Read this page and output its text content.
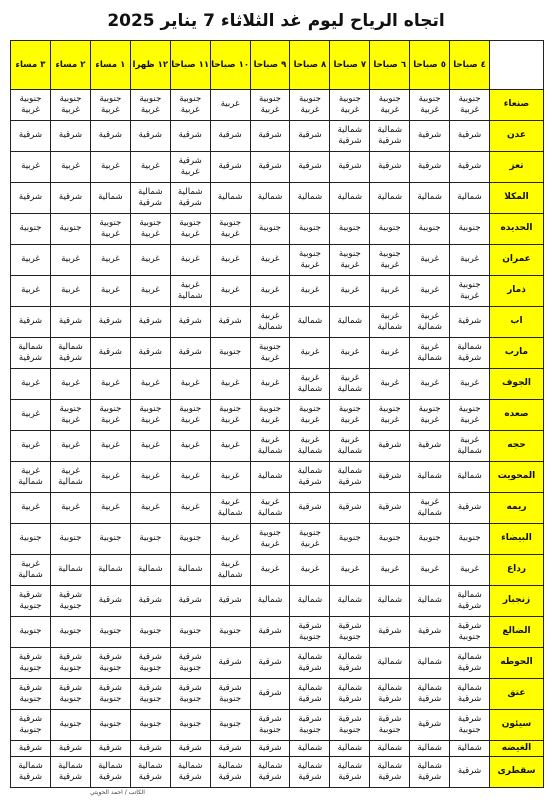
اتجاه الرياح ليوم غد الثلاثاء 7 يناير 2025
	٤ صباحا	٥ صباحا	٦ صباحا	٧ صباحا	٨ صباحا	٩ صباحا	١٠ صباحا	١١ صباحا	١٢ ظهرا	١ مساء	٢ مساء	٣ مساء
صنعاء	جنوبية غربية	جنوبية غربية	جنوبية غربية	جنوبية غربية	جنوبية غربية	جنوبية غربية	غربية	جنوبية غربية	جنوبية غربية	جنوبية غربية	جنوبية غربية	جنوبية غربية
عدن	شرقية	شرقية	شمالية شرقية	شمالية شرقية	شرقية	شرقية	شرقية	شرقية	شرقية	شرقية	شرقية	شرقية
تعز	شرقية	شرقية	شرقية	شرقية	شرقية	شرقية	شرقية	شرقية غربية	غربية	غربية	غربية	غربية
المكلا	شمالية	شمالية	شمالية	شمالية	شمالية	شمالية	شمالية	شمالية شرقية	شمالية شرقية	شمالية	شرقية	شرقية
الحديده	جنوبية	جنوبية	جنوبية	جنوبية	جنوبية	جنوبية	جنوبية غربية	جنوبية غربية	جنوبية غربية	جنوبية غربية	جنوبية	جنوبية
عمران	غربية	غربية	جنوبية غربية	جنوبية غربية	جنوبية غربية	غربية	غربية	غربية	غربية	غربية	غربية	غربية
ذمار	جنوبية غربية	غربية	غربية	غربية	غربية	غربية	غربية	غربية شمالية	غربية	غربية	غربية	غربية
اب	شرقية	غربية شمالية	غربية شمالية	شمالية	شمالية	غربية شمالية	شرقية	شرقية	شرقية	شرقية	شرقية	شرقية
مارب	شمالية شرقية	غربية شمالية	غربية	غربية	غربية	جنوبية غربية	جنوبية	شرقية	شرقية	شرقية	شمالية شرقية	شمالية شرقية
الجوف	غربية	غربية	غربية	غربية شمالية	غربية شمالية	غربية	غربية	غربية	غربية	غربية	غربية	غربية
صعده	جنوبية غربية	جنوبية غربية	جنوبية غربية	جنوبية غربية	جنوبية غربية	جنوبية غربية	جنوبية غربية	جنوبية غربية	جنوبية غربية	جنوبية غربية	جنوبية غربية	غربية
حجه	غربية شمالية	شرقية	شرقية	غربية شمالية	غربية شمالية	غربية شمالية	غربية	غربية	غربية	غربية	غربية	غربية
المحويت	شمالية	شمالية	شرقية	شمالية شرقية	شمالية شرقية	شمالية	غربية	غربية	غربية	غربية	غربية شمالية	غربية شمالية
ريمه	شرقية	غربية شمالية	شرقية	شرقية	شرقية	غربية شمالية	غربية شمالية	غربية	غربية	غربية	غربية	غربية
البيضاء	جنوبية	جنوبية	جنوبية	جنوبية	جنوبية غربية	جنوبية غربية	غربية	جنوبية	جنوبية	جنوبية	جنوبية	جنوبية
رداع	غربية	غربية	غربية	غربية	غربية	غربية	غربية شمالية	شمالية	شمالية	شمالية	شمالية	غربية شمالية
زنجبار	شمالية شرقية	شمالية	شمالية	شمالية	شمالية	شمالية	شرقية	شرقية	شرقية	شرقية	شرقية جنوبية	شرقية جنوبية
الضالع	شرقية جنوبية	شرقية	شرقية	شرقية جنوبية	شرقية جنوبية	شرقية	جنوبية	جنوبية	جنوبية	جنوبية	جنوبية	جنوبية
الحوطه	شمالية شرقية	شمالية	شمالية	شمالية شرقية	شمالية شرقية	شرقية	شرقية	شرقية جنوبية	شرقية جنوبية	شرقية جنوبية	شرقية جنوبية	شرقية جنوبية
عتق	شمالية شرقية	شمالية شرقية	شمالية شرقية	شمالية شرقية	شمالية شرقية	شرقية	شرقية جنوبية	شرقية جنوبية	شرقية جنوبية	شرقية جنوبية	شرقية جنوبية	شرقية جنوبية
سيئون	شرقية جنوبية	شرقية	شرقية جنوبية	شرقية جنوبية	شرقية جنوبية	شرقية جنوبية	جنوبية	جنوبية	جنوبية	جنوبية	جنوبية	شرقية جنوبية
الغيضه	شمالية	شمالية	شمالية	شمالية	شمالية	شرقية	شرقية	شرقية	شرقية	شرقية	شرقية	شرقية
سقطرى	شرقية	شمالية شرقية	شمالية شرقية	شمالية شرقية	شمالية شرقية	شمالية شرقية	شمالية شرقية	شمالية شرقية	شمالية شرقية	شمالية شرقية	شمالية شرقية	شمالية شرقية
الكاتب / احمد الحويتي
